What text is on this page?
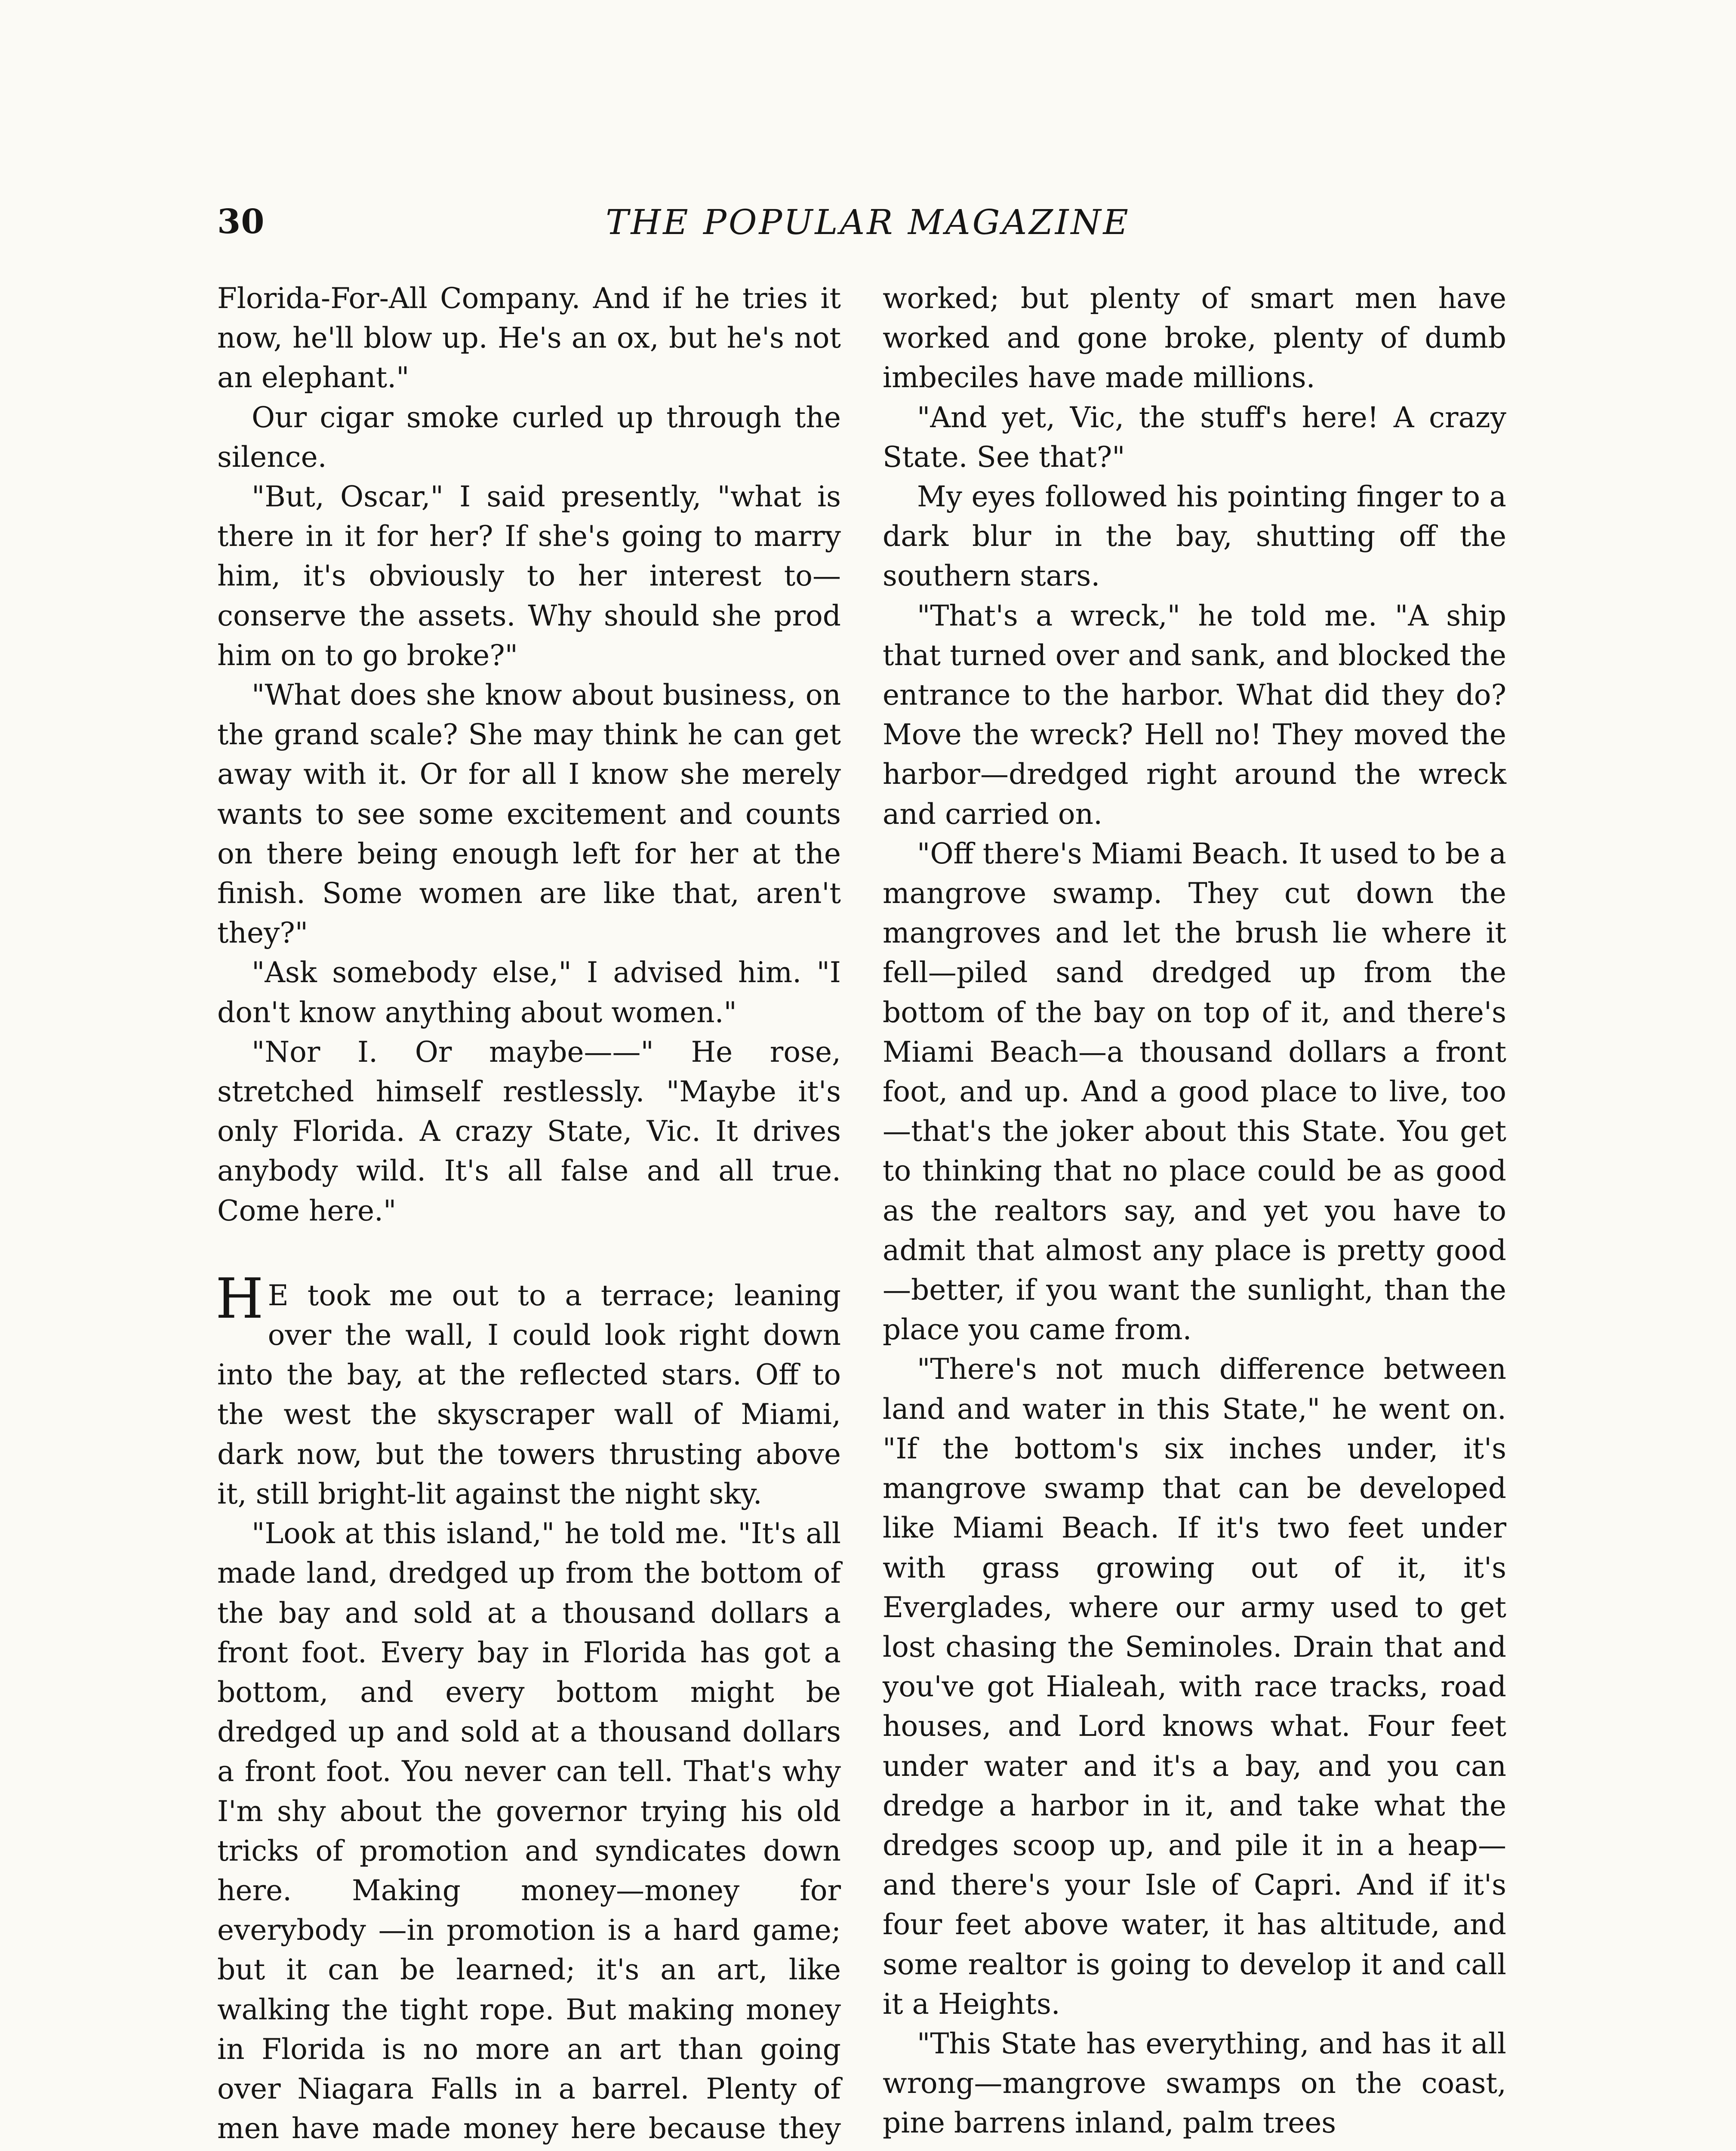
30	THE POPULAR MAGAZINE

Florida-For-All Company. And if he tries it now, he'll blow up. He's an ox, but he's not an elephant."

Our cigar smoke curled up through the silence.

"But, Oscar," I said presently, "what is there in it for her? If she's going to marry him, it's obviously to her interest to—conserve the assets. Why should she prod him on to go broke?"

"What does she know about business, on the grand scale? She may think he can get away with it. Or for all I know she merely wants to see some excitement and counts on there being enough left for her at the finish. Some women are like that, aren't they?"

"Ask somebody else," I advised him. "I don't know anything about women."

"Nor I. Or maybe——" He rose, stretched himself restlessly. "Maybe it's only Florida. A crazy State, Vic. It drives anybody wild. It's all false and all true. Come here."

H E took me out to a terrace; leaning over the wall, I could look right down into the bay, at the reflected stars. Off to the west the skyscraper wall of Miami, dark now, but the towers thrusting above it, still bright-lit against the night sky.

"Look at this island," he told me. "It's all made land, dredged up from the bottom of the bay and sold at a thousand dollars a front foot. Every bay in Florida has got a bottom, and every bottom might be dredged up and sold at a thousand dollars a front foot. You never can tell. That's why I'm shy about the governor trying his old tricks of promotion and syndicates down here. Making money—money for everybody —in promotion is a hard game; but it can be learned; it's an art, like walking the tight rope. But making money in Florida is no more an art than going over Niagara Falls in a barrel. Plenty of men have made money here because they

worked; but plenty of smart men have worked and gone broke, plenty of dumb imbeciles have made millions.

"And yet, Vic, the stuff's here! A crazy State. See that?"

My eyes followed his pointing finger to a dark blur in the bay, shutting off the southern stars.

"That's a wreck," he told me. "A ship that turned over and sank, and blocked the entrance to the harbor. What did they do? Move the wreck? Hell no! They moved the harbor—dredged right around the wreck and carried on.

"Off there's Miami Beach. It used to be a mangrove swamp. They cut down the mangroves and let the brush lie where it fell—piled sand dredged up from the bottom of the bay on top of it, and there's Miami Beach—a thousand dollars a front foot, and up. And a good place to live, too—that's the joker about this State. You get to thinking that no place could be as good as the realtors say, and yet you have to admit that almost any place is pretty good—better, if you want the sunlight, than the place you came from.

"There's not much difference between land and water in this State," he went on. "If the bottom's six inches under, it's mangrove swamp that can be developed like Miami Beach. If it's two feet under with grass growing out of it, it's Everglades, where our army used to get lost chasing the Seminoles. Drain that and you've got Hialeah, with race tracks, road houses, and Lord knows what. Four feet under water and it's a bay, and you can dredge a harbor in it, and take what the dredges scoop up, and pile it in a heap—and there's your Isle of Capri. And if it's four feet above water, it has altitude, and some realtor is going to develop it and call it a Heights.

"This State has everything, and has it all wrong—mangrove swamps on the coast, pine barrens inland, palm trees
